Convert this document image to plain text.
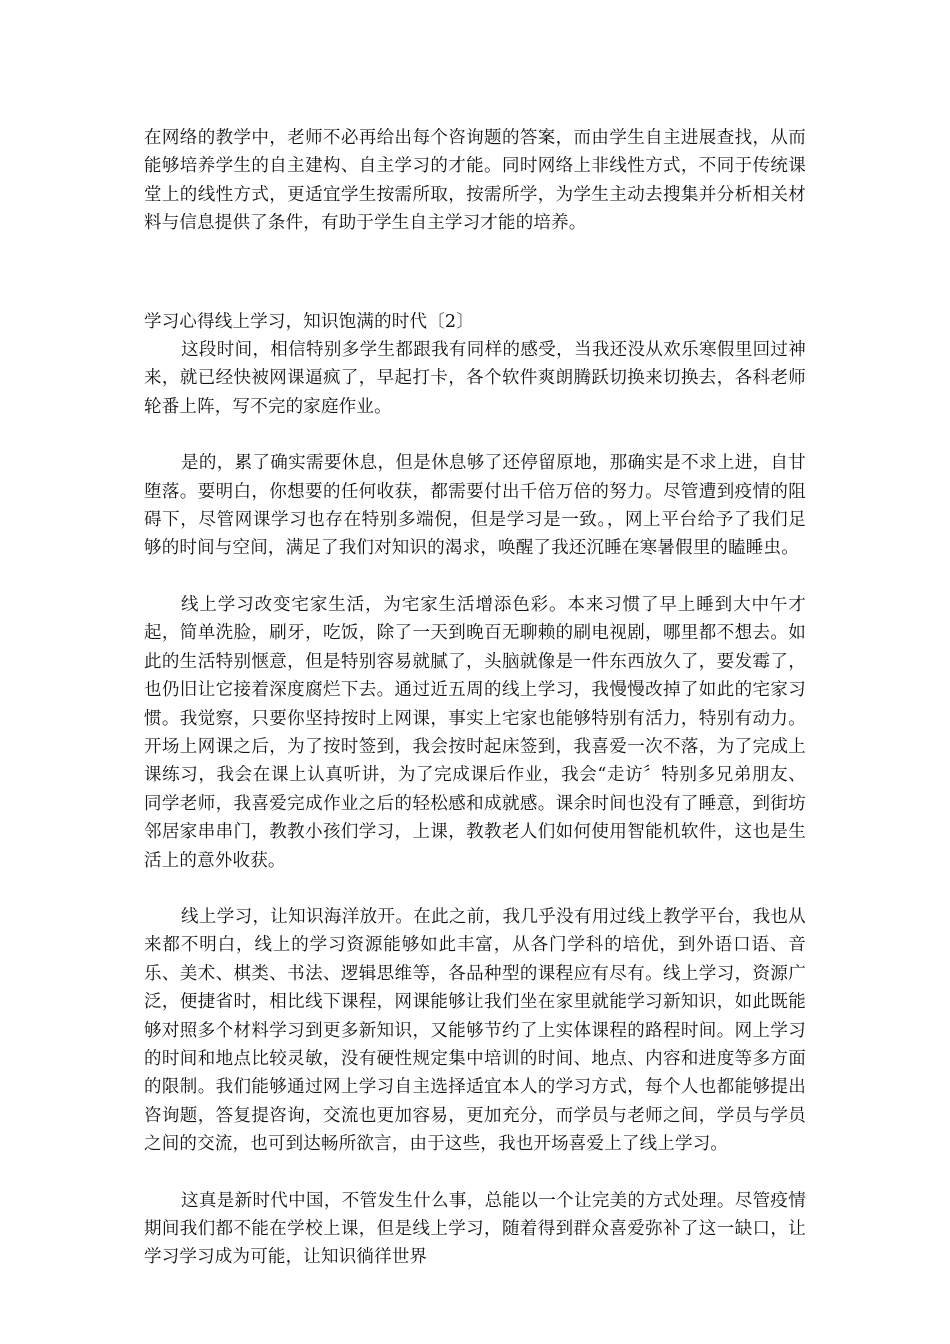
在网络的教学中，老师不必再给出每个咨询题的答案，而由学生自主进展查找，从而能够培养学生的自主建构、自主学习的才能。同时网络上非线性方式，不同于传统课堂上的线性方式，更适宜学生按需所取，按需所学，为学生主动去搜集并分析相关材料与信息提供了条件，有助于学生自主学习才能的培养。

学习心得线上学习，知识饱满的时代〔2〕

这段时间，相信特别多学生都跟我有同样的感受，当我还没从欢乐寒假里回过神来，就已经快被网课逼疯了，早起打卡，各个软件爽朗腾跃切换来切换去，各科老师轮番上阵，写不完的家庭作业。

是的，累了确实需要休息，但是休息够了还停留原地，那确实是不求上进，自甘堕落。要明白，你想要的任何收获，都需要付出千倍万倍的努力。尽管遭到疫情的阻碍下，尽管网课学习也存在特别多端倪，但是学习是一致。，网上平台给予了我们足够的时间与空间，满足了我们对知识的渴求，唤醒了我还沉睡在寒暑假里的瞌睡虫。

线上学习改变宅家生活，为宅家生活增添色彩。本来习惯了早上睡到大中午才起，简单洗脸，刷牙，吃饭，除了一天到晚百无聊赖的刷电视剧，哪里都不想去。如此的生活特别惬意，但是特别容易就腻了，头脑就像是一件东西放久了，要发霉了，也仍旧让它接着深度腐烂下去。通过近五周的线上学习，我慢慢改掉了如此的宅家习惯。我觉察，只要你坚持按时上网课，事实上宅家也能够特别有活力，特别有动力。开场上网课之后，为了按时签到，我会按时起床签到，我喜爱一次不落，为了完成上课练习，我会在课上认真听讲，为了完成课后作业，我会“走访〞特别多兄弟朋友、同学老师，我喜爱完成作业之后的轻松感和成就感。课余时间也没有了睡意，到街坊邻居家串串门，教教小孩们学习，上课，教教老人们如何使用智能机软件，这也是生活上的意外收获。

线上学习，让知识海洋放开。在此之前，我几乎没有用过线上教学平台，我也从来都不明白，线上的学习资源能够如此丰富，从各门学科的培优，到外语口语、音乐、美术、棋类、书法、逻辑思维等，各品种型的课程应有尽有。线上学习，资源广泛，便捷省时，相比线下课程，网课能够让我们坐在家里就能学习新知识，如此既能够对照多个材料学习到更多新知识，又能够节约了上实体课程的路程时间。网上学习的时间和地点比较灵敏，没有硬性规定集中培训的时间、地点、内容和进度等多方面的限制。我们能够通过网上学习自主选择适宜本人的学习方式，每个人也都能够提出咨询题，答复提咨询，交流也更加容易，更加充分，而学员与老师之间，学员与学员之间的交流，也可到达畅所欲言，由于这些，我也开场喜爱上了线上学习。

这真是新时代中国，不管发生什么事，总能以一个让完美的方式处理。尽管疫情期间我们都不能在学校上课，但是线上学习，随着得到群众喜爱弥补了这一缺口，让学习学习成为可能，让知识徜徉世界
